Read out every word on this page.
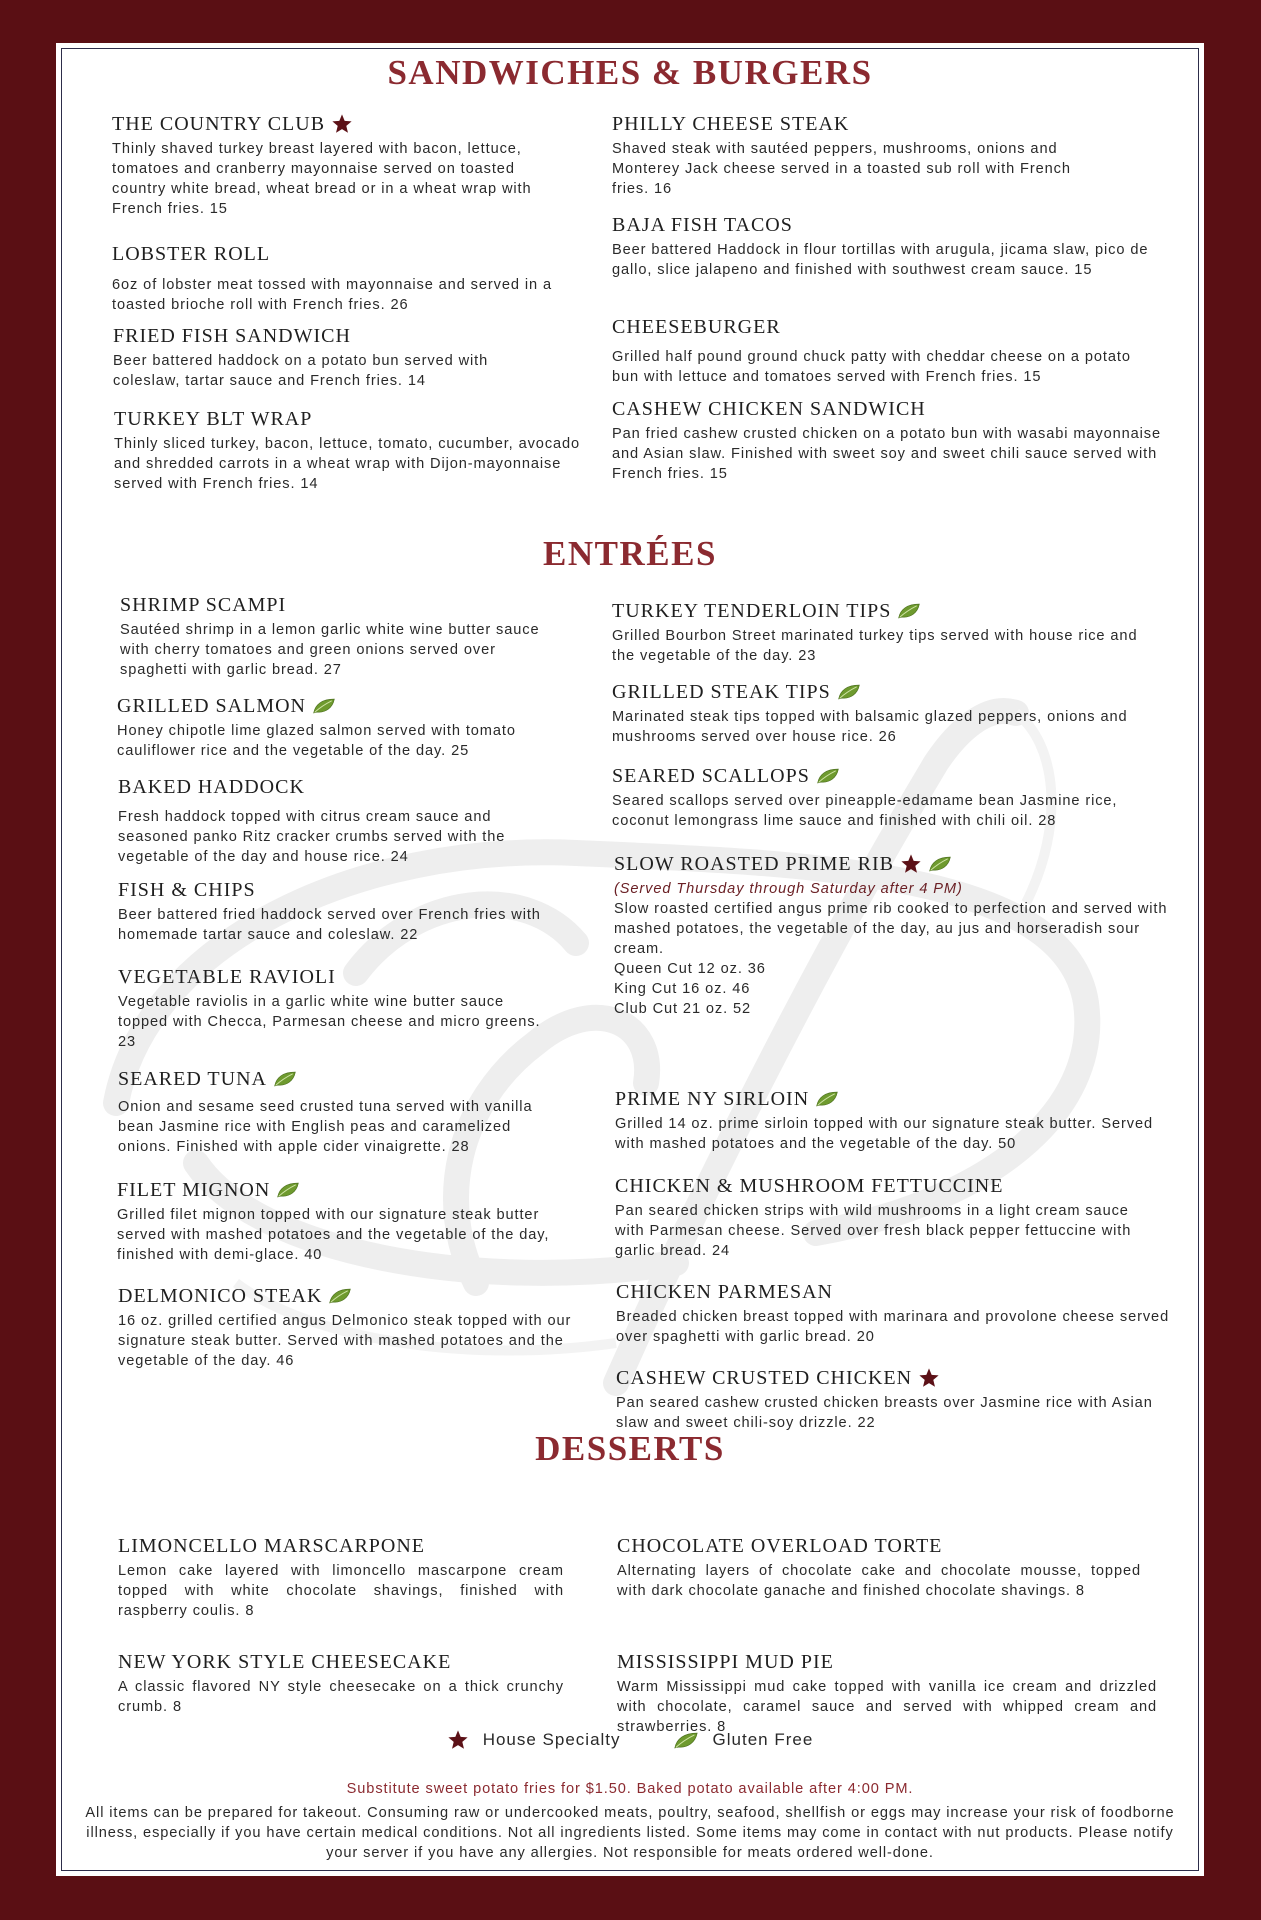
SANDWICHES & BURGERS
THE COUNTRY CLUB
Thinly shaved turkey breast layered with bacon, lettuce, tomatoes and cranberry mayonnaise served on toasted country white bread, wheat bread or in a wheat wrap with French fries. 15
LOBSTER ROLL
6oz of lobster meat tossed with mayonnaise and served in a toasted brioche roll with French fries. 26
FRIED FISH SANDWICH
Beer battered haddock on a potato bun served with coleslaw, tartar sauce and French fries. 14
TURKEY BLT WRAP
Thinly sliced turkey, bacon, lettuce, tomato, cucumber, avocado and shredded carrots in a wheat wrap with Dijon-mayonnaise served with French fries. 14
PHILLY CHEESE STEAK
Shaved steak with sautéed peppers, mushrooms, onions and Monterey Jack cheese served in a toasted sub roll with French fries. 16
BAJA FISH TACOS
Beer battered Haddock in flour tortillas with arugula, jicama slaw, pico de gallo, slice jalapeno and finished with southwest cream sauce. 15
CHEESEBURGER
Grilled half pound ground chuck patty with cheddar cheese on a potato bun with lettuce and tomatoes served with French fries. 15
CASHEW CHICKEN SANDWICH
Pan fried cashew crusted chicken on a potato bun with wasabi mayonnaise and Asian slaw. Finished with sweet soy and sweet chili sauce served with French fries. 15
ENTRÉES
SHRIMP SCAMPI
Sautéed shrimp in a lemon garlic white wine butter sauce with cherry tomatoes and green onions served over spaghetti with garlic bread. 27
GRILLED SALMON
Honey chipotle lime glazed salmon served with tomato cauliflower rice and the vegetable of the day. 25
BAKED HADDOCK
Fresh haddock topped with citrus cream sauce and seasoned panko Ritz cracker crumbs served with the vegetable of the day and house rice. 24
FISH & CHIPS
Beer battered fried haddock served over French fries with homemade tartar sauce and coleslaw. 22
VEGETABLE RAVIOLI
Vegetable raviolis in a garlic white wine butter sauce topped with Checca, Parmesan cheese and micro greens. 23
SEARED TUNA
Onion and sesame seed crusted tuna served with vanilla bean Jasmine rice with English peas and caramelized onions. Finished with apple cider vinaigrette. 28
FILET MIGNON
Grilled filet mignon topped with our signature steak butter served with mashed potatoes and the vegetable of the day, finished with demi-glace. 40
DELMONICO STEAK
16 oz. grilled certified angus Delmonico steak topped with our signature steak butter. Served with mashed potatoes and the vegetable of the day. 46
TURKEY TENDERLOIN TIPS
Grilled Bourbon Street marinated turkey tips served with house rice and the vegetable of the day. 23
GRILLED STEAK TIPS
Marinated steak tips topped with balsamic glazed peppers, onions and mushrooms served over house rice. 26
SEARED SCALLOPS
Seared scallops served over pineapple-edamame bean Jasmine rice, coconut lemongrass lime sauce and finished with chili oil. 28
SLOW ROASTED PRIME RIB
(Served Thursday through Saturday after 4 PM)
Slow roasted certified angus prime rib cooked to perfection and served with mashed potatoes, the vegetable of the day, au jus and horseradish sour cream.
Queen Cut 12 oz. 36
King Cut 16 oz. 46
Club Cut 21 oz. 52
PRIME NY SIRLOIN
Grilled 14 oz. prime sirloin topped with our signature steak butter. Served with mashed potatoes and the vegetable of the day. 50
CHICKEN & MUSHROOM FETTUCCINE
Pan seared chicken strips with wild mushrooms in a light cream sauce with Parmesan cheese. Served over fresh black pepper fettuccine with garlic bread. 24
CHICKEN PARMESAN
Breaded chicken breast topped with marinara and provolone cheese served over spaghetti with garlic bread. 20
CASHEW CRUSTED CHICKEN
Pan seared cashew crusted chicken breasts over Jasmine rice with Asian slaw and sweet chili-soy drizzle. 22
DESSERTS
LIMONCELLO MARSCARPONE
Lemon cake layered with limoncello mascarpone cream topped with white chocolate shavings, finished with raspberry coulis. 8
NEW YORK STYLE CHEESECAKE
A classic flavored NY style cheesecake on a thick crunchy crumb. 8
CHOCOLATE OVERLOAD TORTE
Alternating layers of chocolate cake and chocolate mousse, topped with dark chocolate ganache and finished chocolate shavings. 8
MISSISSIPPI MUD PIE
Warm Mississippi mud cake topped with vanilla ice cream and drizzled with chocolate, caramel sauce and served with whipped cream and strawberries. 8
House Specialty	Gluten Free
Substitute sweet potato fries for $1.50. Baked potato available after 4:00 PM.
All items can be prepared for takeout. Consuming raw or undercooked meats, poultry, seafood, shellfish or eggs may increase your risk of foodborne illness, especially if you have certain medical conditions. Not all ingredients listed. Some items may come in contact with nut products. Please notify your server if you have any allergies. Not responsible for meats ordered well-done.
